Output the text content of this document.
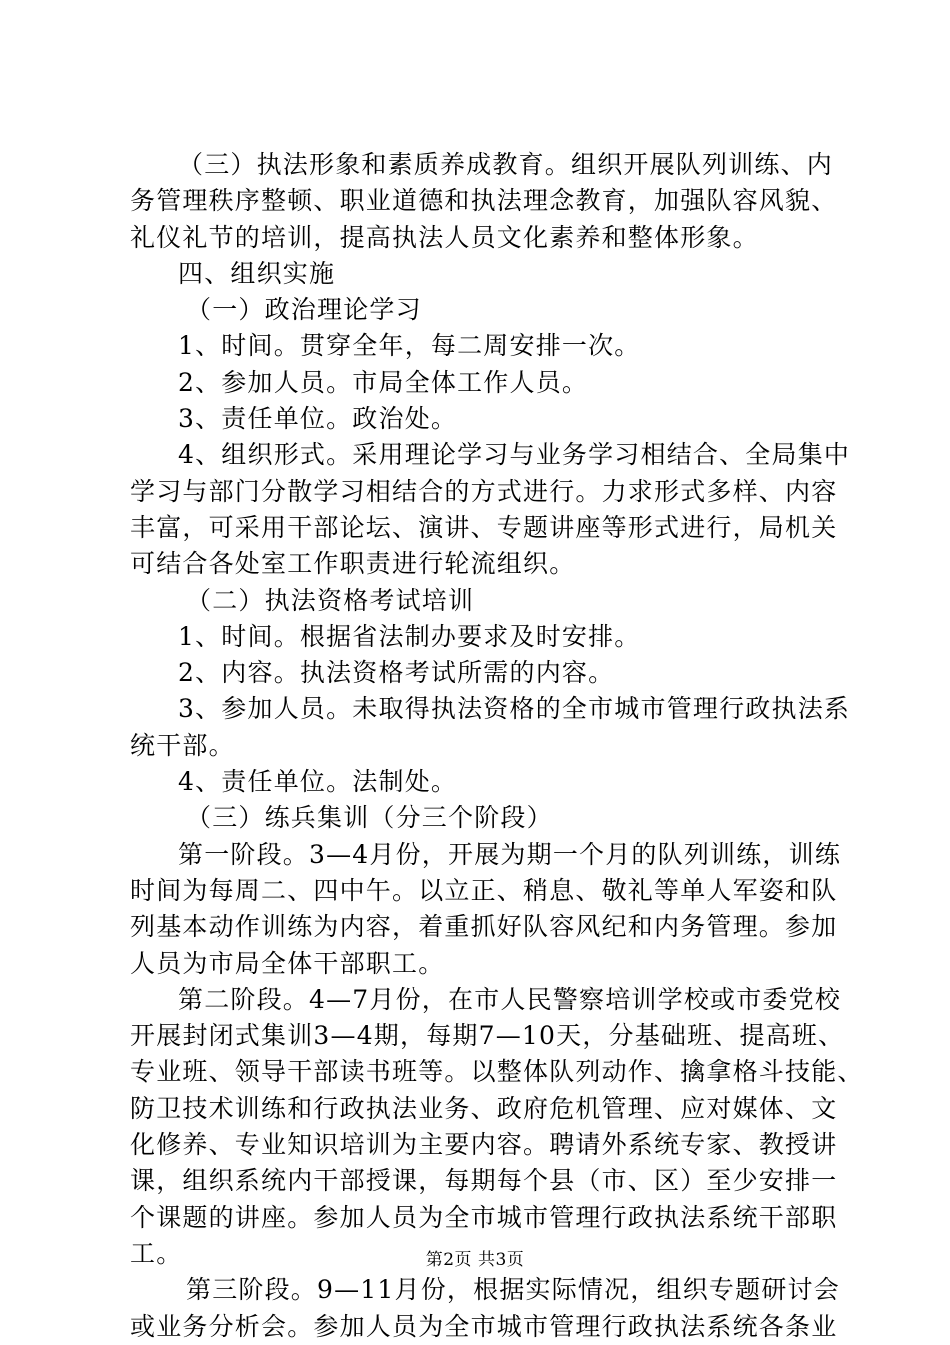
（三）执法形象和素质养成教育。组织开展队列训练、内
务管理秩序整顿、职业道德和执法理念教育，加强队容风貌、
礼仪礼节的培训，提高执法人员文化素养和整体形象。
四、组织实施
（一）政治理论学习
1、时间。贯穿全年，每二周安排一次。
2、参加人员。市局全体工作人员。
3、责任单位。政治处。
4、组织形式。采用理论学习与业务学习相结合、全局集中
学习与部门分散学习相结合的方式进行。力求形式多样、内容
丰富，可采用干部论坛、演讲、专题讲座等形式进行，局机关
可结合各处室工作职责进行轮流组织。
（二）执法资格考试培训
1、时间。根据省法制办要求及时安排。
2、内容。执法资格考试所需的内容。
3、参加人员。未取得执法资格的全市城市管理行政执法系
统干部。
4、责任单位。法制处。
（三）练兵集训（分三个阶段）
第一阶段。3—4月份，开展为期一个月的队列训练，训练
时间为每周二、四中午。以立正、稍息、敬礼等单人军姿和队
列基本动作训练为内容，着重抓好队容风纪和内务管理。参加
人员为市局全体干部职工。
第二阶段。4—7月份，在市人民警察培训学校或市委党校
开展封闭式集训3—4期，每期7—10天，分基础班、提高班、
专业班、领导干部读书班等。以整体队列动作、擒拿格斗技能、
防卫技术训练和行政执法业务、政府危机管理、应对媒体、文
化修养、专业知识培训为主要内容。聘请外系统专家、教授讲
课，组织系统内干部授课，每期每个县（市、区）至少安排一
个课题的讲座。参加人员为全市城市管理行政执法系统干部职
工。
第三阶段。9—11月份，根据实际情况，组织专题研讨会
或业务分析会。参加人员为全市城市管理行政执法系统各条业
第2页 共3页
